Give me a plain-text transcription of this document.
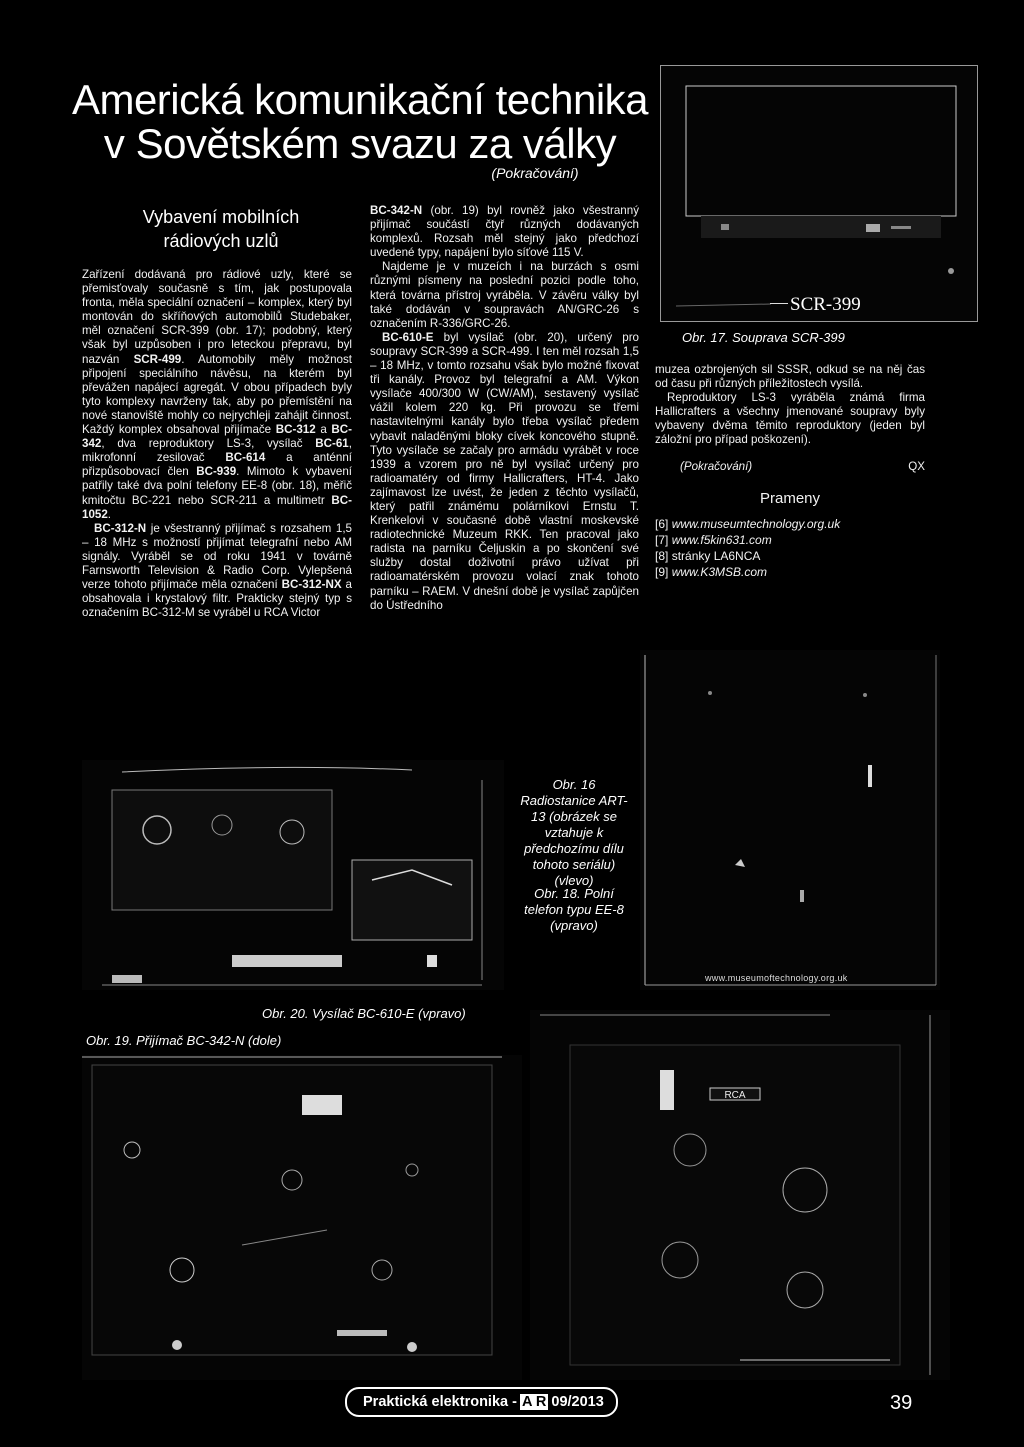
Americká komunikační technika
v Sovětském svazu za války
(Pokračování)
Vybavení mobilních
rádiových uzlů

Zařízení dodávaná pro rádiové uzly, které se přemisťovaly současně s tím, jak postupovala fronta, měla speciální označení – komplex, který byl montován do skříňových automobilů Studebaker, měl označení SCR-399 (obr. 17); podobný, který však byl uzpůsoben i pro leteckou přepravu, byl nazván SCR-499. Automobily měly možnost připojení speciálního návěsu, na kterém byl převážen napájecí agregát. V obou případech byly tyto komplexy navrženy tak, aby po přemístění na nové stanoviště mohly co nejrychleji zahájit činnost. Každý komplex obsahoval přijímače BC-312 a BC-342, dva reproduktory LS-3, vysílač BC-61, mikrofonní zesilovač BC-614 a anténní přizpůsobovací člen BC-939. Mimoto k vybavení patřily také dva polní telefony EE-8 (obr. 18), měřič kmitočtu BC-221 nebo SCR-211 a multimetr BC-1052.

BC-312-N je všestranný přijímač s rozsahem 1,5 – 18 MHz s možností přijímat telegrafní nebo AM signály. Vyráběl se od roku 1941 v továrně Farnsworth Television & Radio Corp. Vylepšená verze tohoto přijímače měla označení BC-312-NX a obsahovala i krystalový filtr. Prakticky stejný typ s označením BC-312-M se vyráběl u RCA Victor

BC-342-N (obr. 19) byl rovněž jako všestranný přijímač součástí čtyř různých dodávaných komplexů. Rozsah měl stejný jako předchozí uvedené typy, napájení bylo síťové 115 V.

Najdeme je v muzeích i na burzách s osmi různými písmeny na poslední pozici podle toho, která továrna přístroj vyráběla. V závěru války byl také dodáván v soupravách AN/GRC-26 s označením R-336/GRC-26.

BC-610-E byl vysílač (obr. 20), určený pro soupravy SCR-399 a SCR-499. I ten měl rozsah 1,5 – 18 MHz, v tomto rozsahu však bylo možné fixovat tři kanály. Provoz byl telegrafní a AM. Výkon vysílače 400/300 W (CW/AM), sestavený vysílač vážil kolem 220 kg. Při provozu se třemi nastavitelnými kanály bylo třeba vysílač předem vybavit naladěnými bloky cívek koncového stupně. Tyto vysílače se začaly pro armádu vyrábět v roce 1939 a vzorem pro ně byl vysílač určený pro radioamatéry od firmy Hallicrafters, HT-4. Jako zajímavost lze uvést, že jeden z těchto vysílačů, který patřil známému polárníkovi Ernstu T. Krenkelovi v současné době vlastní moskevské radiotechnické Muzeum RKK. Ten pracoval jako radista na parníku Čeljuskin a po skončení své služby dostal doživotní právo užívat při radioamatérském provozu volací znak tohoto parníku – RAEM. V dnešní době je vysílač zapůjčen do Ústředního

SCR-399
Obr. 17. Souprava SCR-399

muzea ozbrojených sil SSSR, odkud se na něj čas od času při různých příležitostech vysílá.

Reproduktory LS-3 vyráběla známá firma Hallicrafters a všechny jmenované soupravy byly vybaveny dvěma těmito reproduktory (jeden byl záložní pro případ poškození).

(Pokračování)	QX
Prameny
[6] www.museumtechnology.org.uk
[7] www.f5kin631.com
[8] stránky LA6NCA
[9] www.K3MSB.com
www.museumoftechnology.org.uk
Obr. 16 Radiostanice ART-13 (obrázek se vztahuje k předchozímu dílu tohoto seriálu) (vlevo)
Obr. 18. Polní telefon typu EE-8 (vpravo)
Obr. 20. Vysílač BC-610-E (vpravo)
Obr. 19. Přijímač BC-342-N (dole)
RCA
Praktická elektronika - A R 09/2013	39
